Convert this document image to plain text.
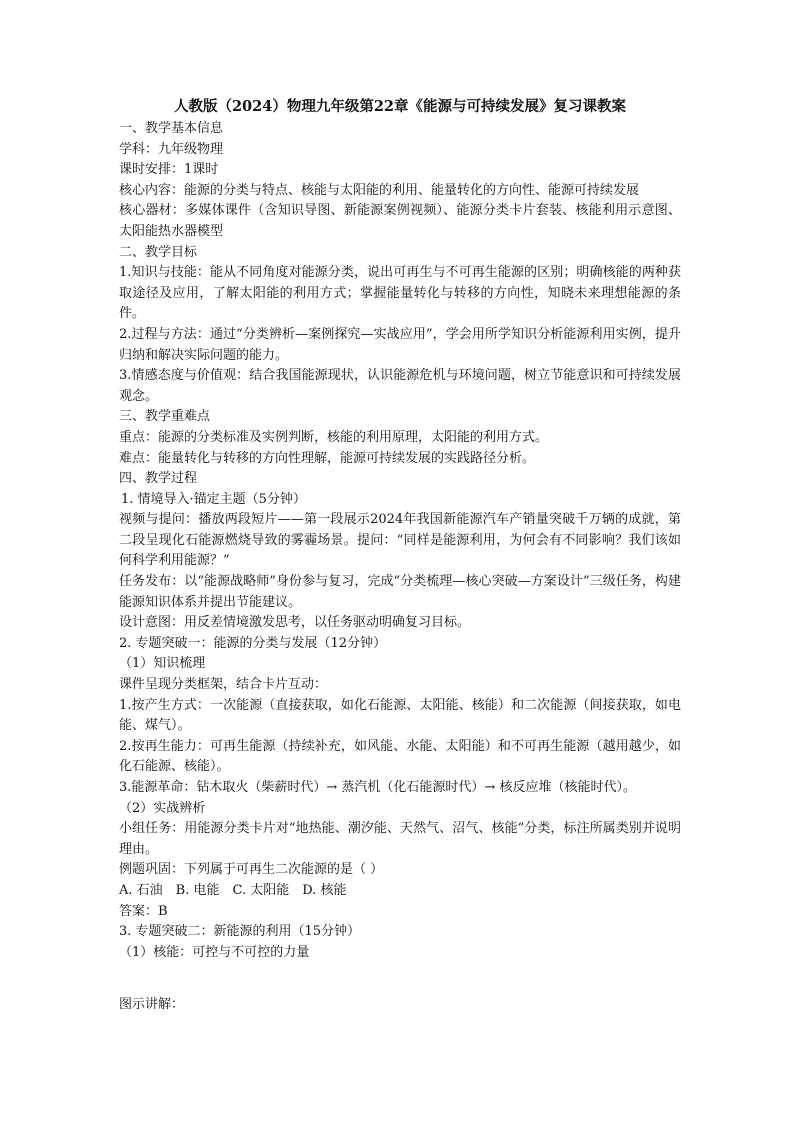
人教版（2024）物理九年级第22章《能源与可持续发展》复习课教案

一、教学基本信息

学科：九年级物理

课时安排：1课时

核心内容：能源的分类与特点、核能与太阳能的利用、能量转化的方向性、能源可持续发展

核心器材：多媒体课件（含知识导图、新能源案例视频）、能源分类卡片套装、核能利用示意图、太阳能热水器模型

二、教学目标

1.知识与技能：能从不同角度对能源分类，说出可再生与不可再生能源的区别；明确核能的两种获取途径及应用，了解太阳能的利用方式；掌握能量转化与转移的方向性，知晓未来理想能源的条件。

2.过程与方法：通过“分类辨析—案例探究—实战应用”，学会用所学知识分析能源利用实例，提升归纳和解决实际问题的能力。

3.情感态度与价值观：结合我国能源现状，认识能源危机与环境问题，树立节能意识和可持续发展观念。

三、教学重难点

重点：能源的分类标准及实例判断，核能的利用原理，太阳能的利用方式。

难点：能量转化与转移的方向性理解，能源可持续发展的实践路径分析。

四、教学过程

1. 情境导入·锚定主题（5分钟）

视频与提问：播放两段短片——第一段展示2024年我国新能源汽车产销量突破千万辆的成就，第二段呈现化石能源燃烧导致的雾霾场景。提问：“同样是能源利用，为何会有不同影响？我们该如何科学利用能源？”

任务发布：以“能源战略师”身份参与复习，完成“分类梳理—核心突破—方案设计”三级任务，构建能源知识体系并提出节能建议。

设计意图：用反差情境激发思考，以任务驱动明确复习目标。

2. 专题突破一：能源的分类与发展（12分钟）

（1）知识梳理

课件呈现分类框架，结合卡片互动：

1.按产生方式：一次能源（直接获取，如化石能源、太阳能、核能）和二次能源（间接获取，如电能、煤气）。

2.按再生能力：可再生能源（持续补充，如风能、水能、太阳能）和不可再生能源（越用越少，如化石能源、核能）。

3.能源革命：钻木取火（柴薪时代）→ 蒸汽机（化石能源时代）→ 核反应堆（核能时代）。

（2）实战辨析

小组任务：用能源分类卡片对“地热能、潮汐能、天然气、沼气、核能”分类，标注所属类别并说明理由。

例题巩固：下列属于可再生二次能源的是（ ）

A. 石油　B. 电能　C. 太阳能　D. 核能

答案：B

3. 专题突破二：新能源的利用（15分钟）

（1）核能：可控与不可控的力量

图示讲解：
